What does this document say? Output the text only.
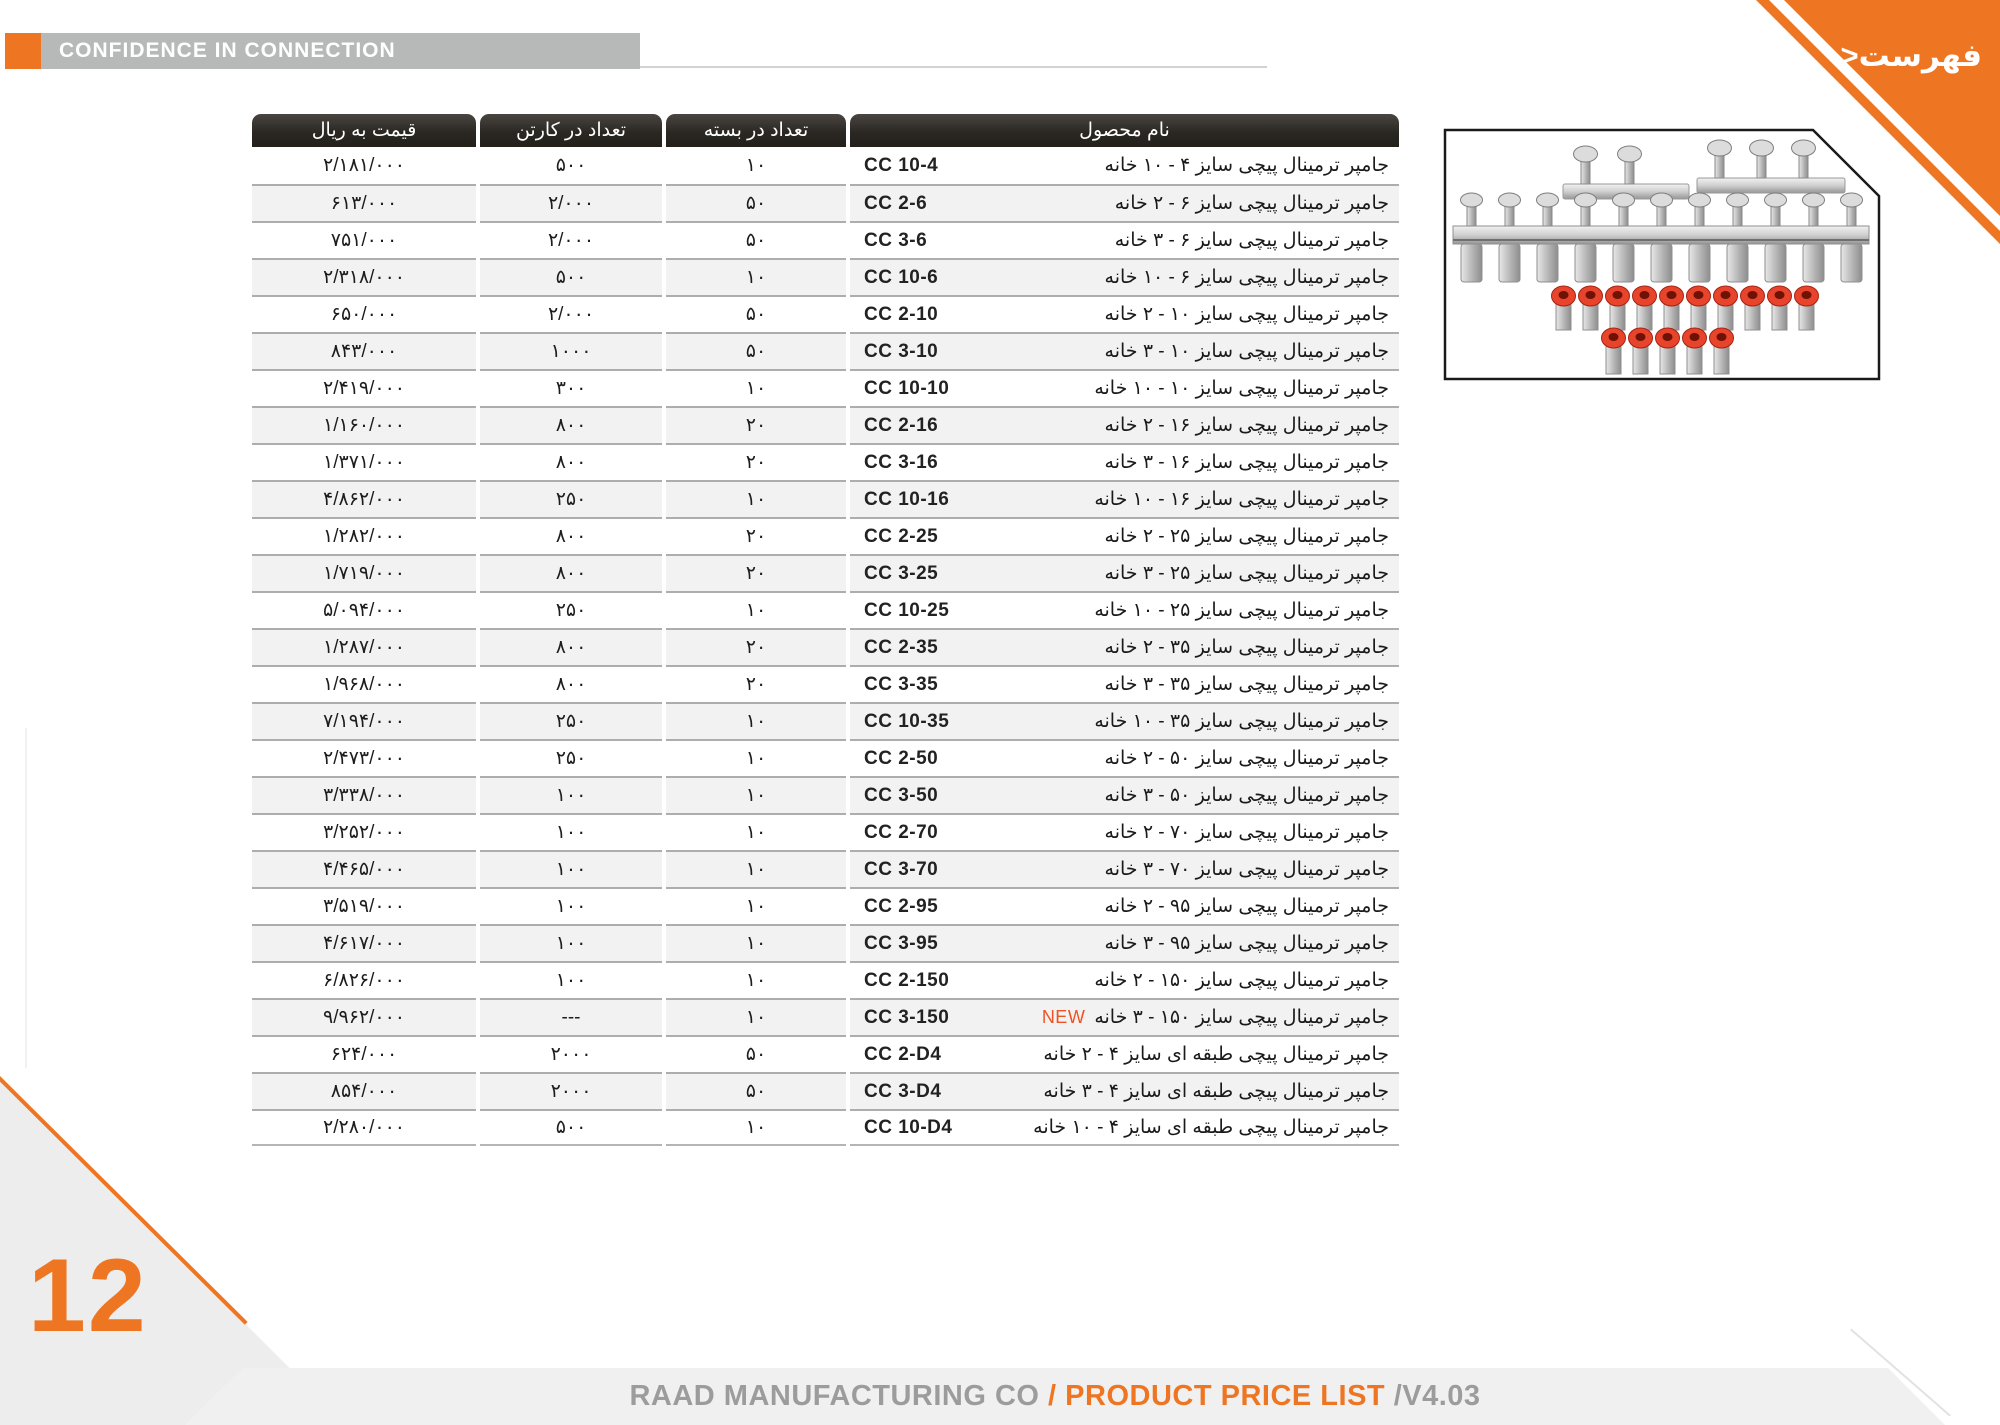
CONFIDENCE IN CONNECTION	فهرست>
قیمت به ریال	تعداد در کارتن	تعداد در بسته	نام محصول
۲/۱۸۱/۰۰۰	۵۰۰	۱۰	CC 10-4	جامپر ترمینال پیچی سایز ۴ - ۱۰ خانه
۶۱۳/۰۰۰	۲/۰۰۰	۵۰	CC 2-6	جامپر ترمینال پیچی سایز ۶ - ۲ خانه
۷۵۱/۰۰۰	۲/۰۰۰	۵۰	CC 3-6	جامپر ترمینال پیچی سایز ۶ - ۳ خانه
۲/۳۱۸/۰۰۰	۵۰۰	۱۰	CC 10-6	جامپر ترمینال پیچی سایز ۶ - ۱۰ خانه
۶۵۰/۰۰۰	۲/۰۰۰	۵۰	CC 2-10	جامپر ترمینال پیچی سایز ۱۰ - ۲ خانه
۸۴۳/۰۰۰	۱۰۰۰	۵۰	CC 3-10	جامپر ترمینال پیچی سایز ۱۰ - ۳ خانه
۲/۴۱۹/۰۰۰	۳۰۰	۱۰	CC 10-10	جامپر ترمینال پیچی سایز ۱۰ - ۱۰ خانه
۱/۱۶۰/۰۰۰	۸۰۰	۲۰	CC 2-16	جامپر ترمینال پیچی سایز ۱۶ - ۲ خانه
۱/۳۷۱/۰۰۰	۸۰۰	۲۰	CC 3-16	جامپر ترمینال پیچی سایز ۱۶ - ۳ خانه
۴/۸۶۲/۰۰۰	۲۵۰	۱۰	CC 10-16	جامپر ترمینال پیچی سایز ۱۶ - ۱۰ خانه
۱/۲۸۲/۰۰۰	۸۰۰	۲۰	CC 2-25	جامپر ترمینال پیچی سایز ۲۵ - ۲ خانه
۱/۷۱۹/۰۰۰	۸۰۰	۲۰	CC 3-25	جامپر ترمینال پیچی سایز ۲۵ - ۳ خانه
۵/۰۹۴/۰۰۰	۲۵۰	۱۰	CC 10-25	جامپر ترمینال پیچی سایز ۲۵ - ۱۰ خانه
۱/۲۸۷/۰۰۰	۸۰۰	۲۰	CC 2-35	جامپر ترمینال پیچی سایز ۳۵ - ۲ خانه
۱/۹۶۸/۰۰۰	۸۰۰	۲۰	CC 3-35	جامپر ترمینال پیچی سایز ۳۵ - ۳ خانه
۷/۱۹۴/۰۰۰	۲۵۰	۱۰	CC 10-35	جامپر ترمینال پیچی سایز ۳۵ - ۱۰ خانه
۲/۴۷۳/۰۰۰	۲۵۰	۱۰	CC 2-50	جامپر ترمینال پیچی سایز ۵۰ - ۲ خانه
۳/۳۳۸/۰۰۰	۱۰۰	۱۰	CC 3-50	جامپر ترمینال پیچی سایز ۵۰ - ۳ خانه
۳/۲۵۲/۰۰۰	۱۰۰	۱۰	CC 2-70	جامپر ترمینال پیچی سایز ۷۰ - ۲ خانه
۴/۴۶۵/۰۰۰	۱۰۰	۱۰	CC 3-70	جامپر ترمینال پیچی سایز ۷۰ - ۳ خانه
۳/۵۱۹/۰۰۰	۱۰۰	۱۰	CC 2-95	جامپر ترمینال پیچی سایز ۹۵ - ۲ خانه
۴/۶۱۷/۰۰۰	۱۰۰	۱۰	CC 3-95	جامپر ترمینال پیچی سایز ۹۵ - ۳ خانه
۶/۸۲۶/۰۰۰	۱۰۰	۱۰	CC 2-150	جامپر ترمینال پیچی سایز ۱۵۰ - ۲ خانه
۹/۹۶۲/۰۰۰	---	۱۰	CC 3-150	جامپر ترمینال پیچی سایز ۱۵۰ - ۳ خانهNEW
۶۲۴/۰۰۰	۲۰۰۰	۵۰	CC 2-D4	جامپر ترمینال پیچی طبقه ای سایز ۴ - ۲ خانه
۸۵۴/۰۰۰	۲۰۰۰	۵۰	CC 3-D4	جامپر ترمینال پیچی طبقه ای سایز ۴ - ۳ خانه
۲/۲۸۰/۰۰۰	۵۰۰	۱۰	CC 10-D4	جامپر ترمینال پیچی طبقه ای سایز ۴ - ۱۰ خانه
12
RAAD MANUFACTURING CO / PRODUCT PRICE LIST /V4.03
